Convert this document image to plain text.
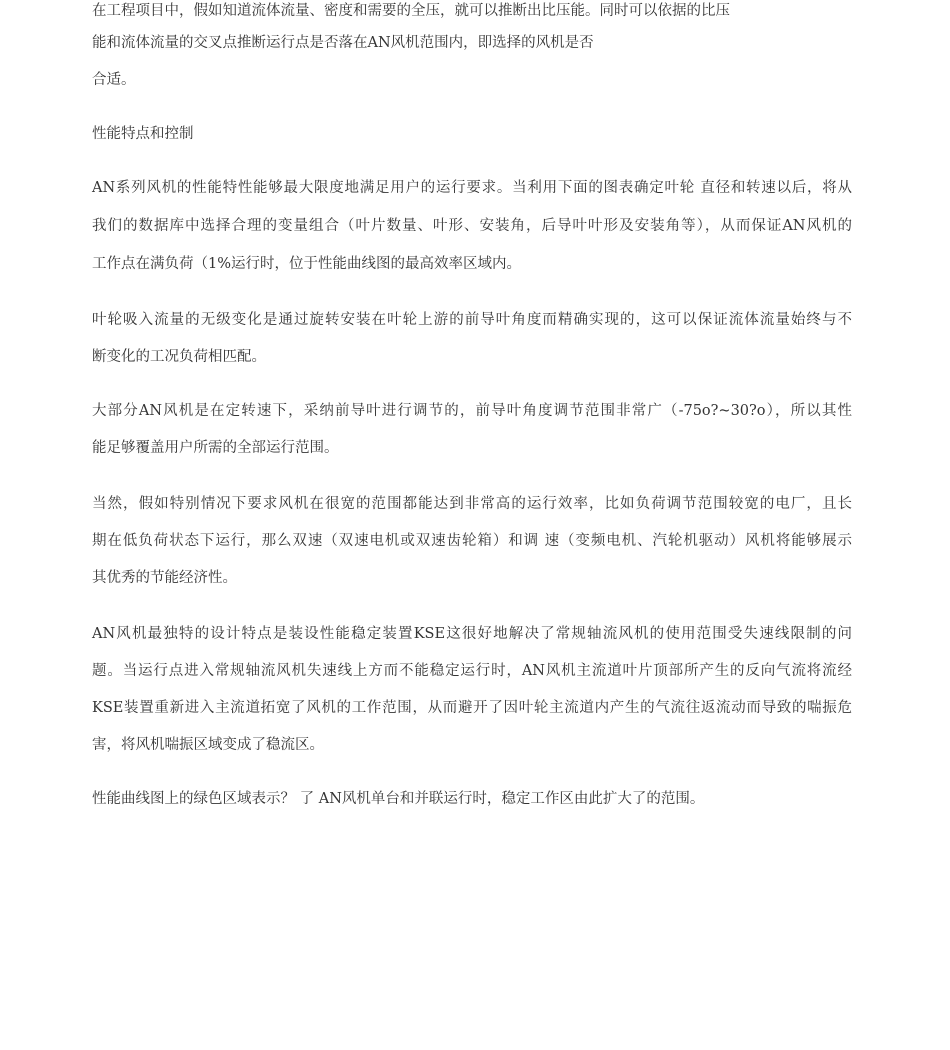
在工程项目中，假如知道流体流量、密度和需要的全压，就可以推断出比压能。同时可以依据的比压
能和流体流量的交叉点推断运行点是否落在AN风机范围内，即选择的风机是否
合适。
性能特点和控制
AN系列风机的性能特性能够最大限度地满足用户的运行要求。当利用下面的图表确定叶轮 直径和转速以后，将从
我们的数据库中选择合理的变量组合（叶片数量、叶形、安装角，后导叶叶形及安装角等），从而保证AN风机的
工作点在满负荷（1%运行时，位于性能曲线图的最高效率区域内。
叶轮吸入流量的无级变化是通过旋转安装在叶轮上游的前导叶角度而精确实现的，这可以保证流体流量始终与不
断变化的工况负荷相匹配。
大部分AN风机是在定转速下，采纳前导叶进行调节的，前导叶角度调节范围非常广（-75o?~30?o），所以其性
能足够覆盖用户所需的全部运行范围。
当然，假如特别情况下要求风机在很宽的范围都能达到非常高的运行效率，比如负荷调节范围较宽的电厂，且长
期在低负荷状态下运行，那么双速（双速电机或双速齿轮箱）和调 速（变频电机、汽轮机驱动）风机将能够展示
其优秀的节能经济性。
AN风机最独特的设计特点是装设性能稳定装置KSE这很好地解决了常规轴流风机的使用范围受失速线限制的问
题。当运行点进入常规轴流风机失速线上方而不能稳定运行时，AN风机主流道叶片顶部所产生的反向气流将流经
KSE装置重新进入主流道拓宽了风机的工作范围，从而避开了因叶轮主流道内产生的气流往返流动而导致的喘振危
害，将风机喘振区域变成了稳流区。
性能曲线图上的绿色区域表示？ 了 AN风机单台和并联运行时，稳定工作区由此扩大了的范围。
